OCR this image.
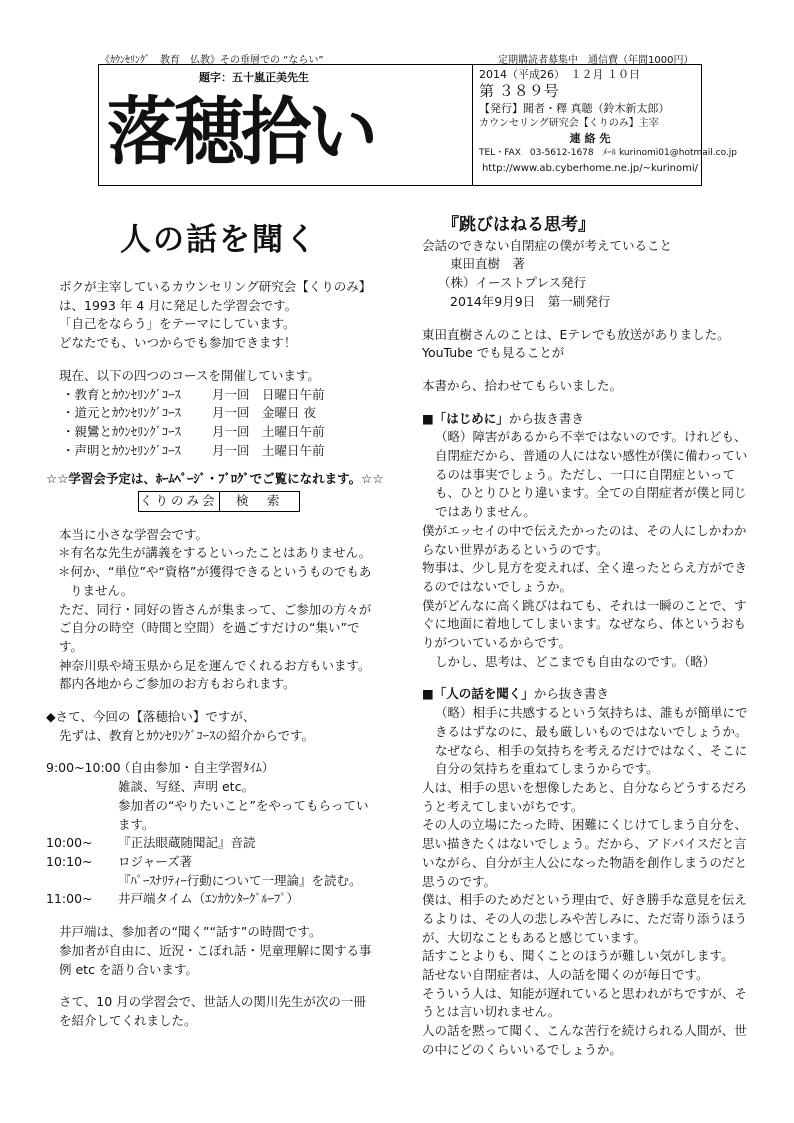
《ｶｳﾝｾﾘﾝｸﾞ　教育　仏教》その垂層での “ならい”	定期購読者募集中　通信費（年間1000円）
題字：五十嵐正美先生
落穂拾い
2014（平成26）　１２月 １０日
第 ３８９号
【発行】聞者・釋 真聴（鈴木新太郎）
カウンセリング研究会【くりのみ】主宰
連 絡 先
TEL・FAX　03-5612-1678　ﾒｰﾙ kurinomi01@hotmail.co.jp
http://www.ab.cyberhome.ne.jp/~kurinomi/
人の話を聞く

ボクが主宰しているカウンセリング研究会【くりのみ】は、1993 年 4 月に発足した学習会です。

「自己をならう」をテーマにしています。

どなたでも、いつからでも参加できます！

現在、以下の四つのコースを開催しています。

・教育とｶｳﾝｾﾘﾝｸﾞｺｰｽ	月一回 日曜日午前
・道元とｶｳﾝｾﾘﾝｸﾞｺｰｽ	月一回 金曜日 夜
・親鸞とｶｳﾝｾﾘﾝｸﾞｺｰｽ	月一回 土曜日午前
・声明とｶｳﾝｾﾘﾝｸﾞｺｰｽ	月一回 土曜日午前

☆☆学習会予定は、ﾎｰﾑﾍﾟｰｼﾞ・ﾌﾞﾛｸﾞでご覧になれます。☆☆

くりのみ会	検　索

本当に小さな学習会です。

＊有名な先生が講義をするといったことはありません。

＊何か、“単位”や“資格”が獲得できるというものでもありません。

ただ、同行・同好の皆さんが集まって、ご参加の方々がご自分の時空（時間と空間）を過ごすだけの“集い”です。

神奈川県や埼玉県から足を運んでくれるお方もいます。都内各地からご参加のお方もおられます。

◆さて、今回の【落穂拾い】ですが、

先ずは、教育とｶｳﾝｾﾘﾝｸﾞｺｰｽの紹介からです。

9:00~10:00
（自由参加・自主学習ﾀｲﾑ）
雑談、写経、声明 etc。
参加者の“やりたいこと”をやってもらっています。
10:00~	『正法眼蔵随聞記』音読
10:10~	ロジャーズ著
『ﾊﾟｰｽﾅﾘﾃｨｰ行動について一理論』を読む。
11:00~	井戸端タイム（ｴﾝｶｳﾝﾀｰｸﾞﾙｰﾌﾟ）

井戸端は、参加者の“聞く”“話す”の時間です。

参加者が自由に、近況・こぼれ話・児童理解に関する事例 etc を語り合います。

さて、10 月の学習会で、世話人の関川先生が次の一冊を紹介してくれました。

『跳びはねる思考』

会話のできない自閉症の僕が考えていること

東田直樹　著

（株）イーストプレス発行

2014年9月9日　第一刷発行

東田直樹さんのことは、Eテレでも放送がありました。YouTube でも見ることが

本書から、拾わせてもらいました。

■「はじめに」から抜き書き

（略）障害があるから不幸ではないのです。けれども、自閉症だから、普通の人にはない感性が僕に備わっているのは事実でしょう。ただし、一口に自閉症といっても、ひとりひとり違います。全ての自閉症者が僕と同じではありません。

僕がエッセイの中で伝えたかったのは、その人にしかわからない世界があるというのです。

物事は、少し見方を変えれば、全く違ったとらえ方ができるのではないでしょうか。

僕がどんなに高く跳びはねても、それは一瞬のことで、すぐに地面に着地してしまいます。なぜなら、体というおもりがついているからです。

しかし、思考は、どこまでも自由なのです。（略）

■「人の話を聞く」から抜き書き

（略）相手に共感するという気持ちは、誰もが簡単にできるはずなのに、最も厳しいものではないでしょうか。なぜなら、相手の気持ちを考えるだけではなく、そこに自分の気持ちを重ねてしまうからです。

人は、相手の思いを想像したあと、自分ならどうするだろうと考えてしまいがちです。

その人の立場にたった時、困難にくじけてしまう自分を、思い描きたくはないでしょう。だから、アドバイスだと言いながら、自分が主人公になった物語を創作しまうのだと思うのです。

僕は、相手のためだという理由で、好き勝手な意見を伝えるよりは、その人の悲しみや苦しみに、ただ寄り添うほうが、大切なこともあると感じています。

話すことよりも、聞くことのほうが難しい気がします。

話せない自閉症者は、人の話を聞くのが毎日です。

そういう人は、知能が遅れていると思われがちですが、そうとは言い切れません。

人の話を黙って聞く、こんな苦行を続けられる人間が、世の中にどのくらいいるでしょうか。
